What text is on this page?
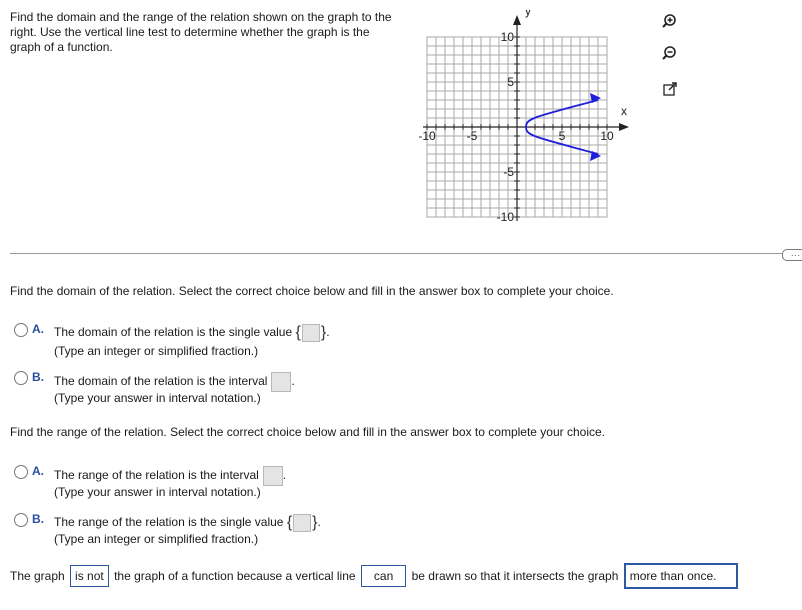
Find the domain and the range of the relation shown on the graph to the right. Use the vertical line test to determine whether the graph is the graph of a function.
x
y
-10	-5	5	10
10
5
-5
-10
...
Find the domain of the relation. Select the correct choice below and fill in the answer box to complete your choice.
A. The domain of the relation is the single value { }.
(Type an integer or simplified fraction.)
B. The domain of the relation is the interval .
(Type your answer in interval notation.)
Find the range of the relation. Select the correct choice below and fill in the answer box to complete your choice.
A. The range of the relation is the interval .
(Type your answer in interval notation.)
B. The range of the relation is the single value { }.
(Type an integer or simplified fraction.)
The graph is not the graph of a function because a vertical line can be drawn so that it intersects the graph more than once.
